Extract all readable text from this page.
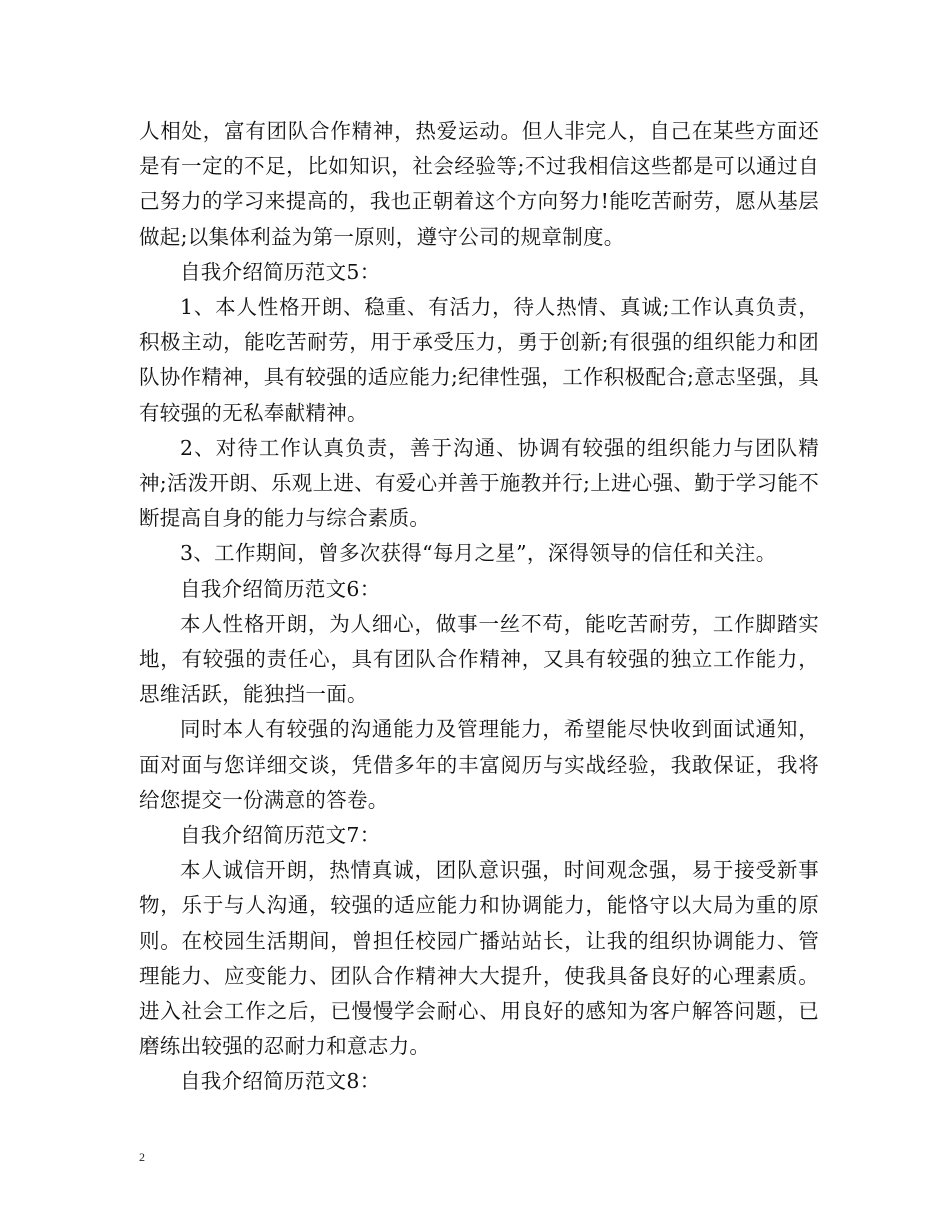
人相处，富有团队合作精神，热爱运动。但人非完人，自己在某些方面还是有一定的不足，比如知识，社会经验等;不过我相信这些都是可以通过自己努力的学习来提高的，我也正朝着这个方向努力!能吃苦耐劳，愿从基层做起;以集体利益为第一原则，遵守公司的规章制度。

自我介绍简历范文5：

1、本人性格开朗、稳重、有活力，待人热情、真诚;工作认真负责，积极主动，能吃苦耐劳，用于承受压力，勇于创新;有很强的组织能力和团队协作精神，具有较强的适应能力;纪律性强，工作积极配合;意志坚强，具有较强的无私奉献精神。

2、对待工作认真负责，善于沟通、协调有较强的组织能力与团队精神;活泼开朗、乐观上进、有爱心并善于施教并行;上进心强、勤于学习能不断提高自身的能力与综合素质。

3、工作期间，曾多次获得“每月之星”，深得领导的信任和关注。

自我介绍简历范文6：

本人性格开朗，为人细心，做事一丝不苟，能吃苦耐劳，工作脚踏实地，有较强的责任心，具有团队合作精神，又具有较强的独立工作能力，思维活跃，能独挡一面。

同时本人有较强的沟通能力及管理能力，希望能尽快收到面试通知，面对面与您详细交谈，凭借多年的丰富阅历与实战经验，我敢保证，我将给您提交一份满意的答卷。

自我介绍简历范文7：

本人诚信开朗，热情真诚，团队意识强，时间观念强，易于接受新事物，乐于与人沟通，较强的适应能力和协调能力，能恪守以大局为重的原则。在校园生活期间，曾担任校园广播站站长，让我的组织协调能力、管理能力、应变能力、团队合作精神大大提升，使我具备良好的心理素质。进入社会工作之后，已慢慢学会耐心、用良好的感知为客户解答问题，已磨练出较强的忍耐力和意志力。

自我介绍简历范文8：

2
